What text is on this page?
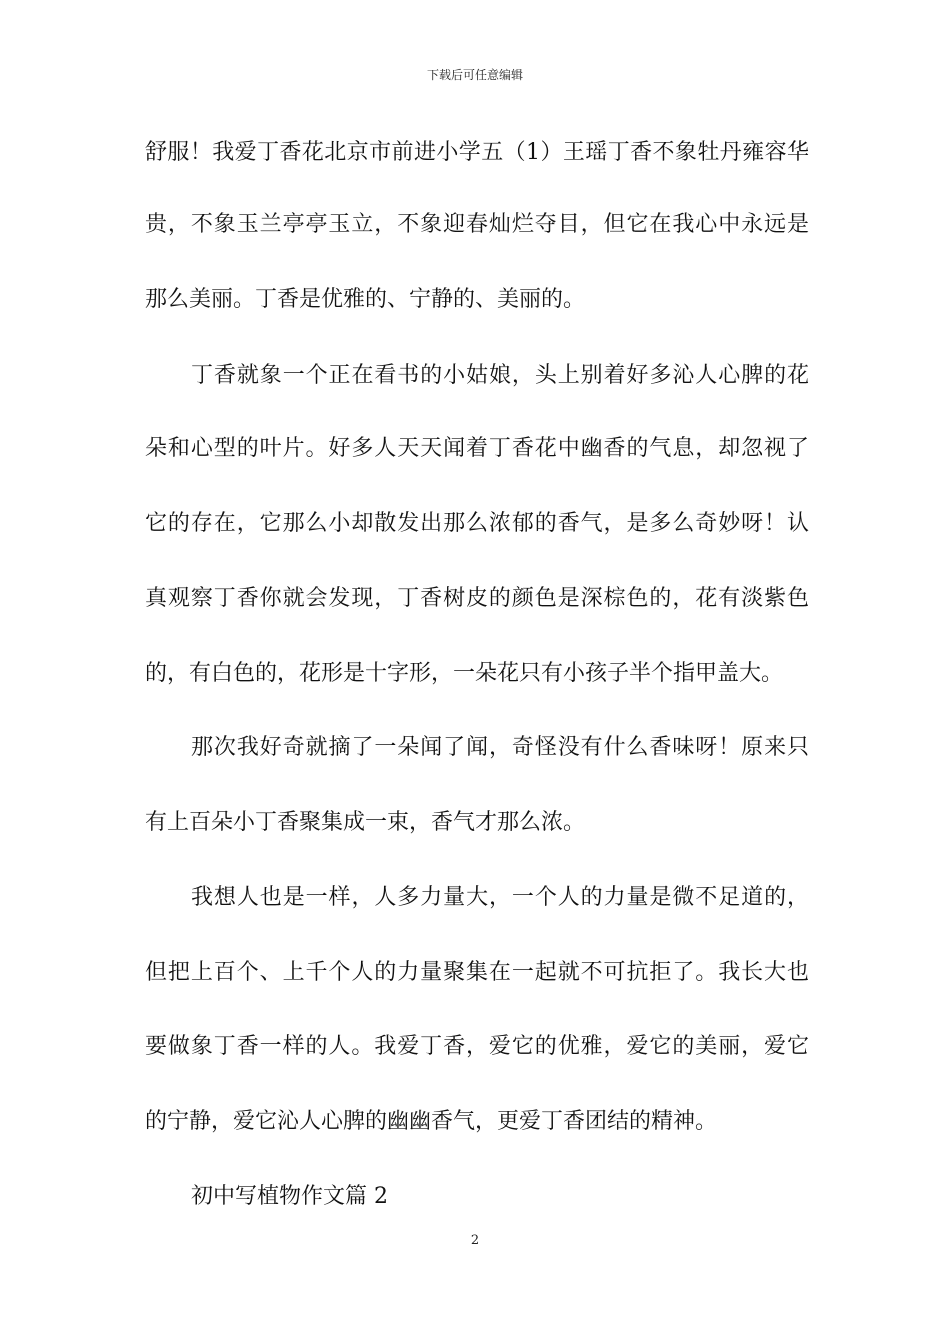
下载后可任意编辑
舒服！我爱丁香花北京市前进小学五（1）王瑶丁香不象牡丹雍容华
贵，不象玉兰亭亭玉立，不象迎春灿烂夺目，但它在我心中永远是
那么美丽。丁香是优雅的、宁静的、美丽的。
丁香就象一个正在看书的小姑娘，头上别着好多沁人心脾的花
朵和心型的叶片。好多人天天闻着丁香花中幽香的气息，却忽视了
它的存在，它那么小却散发出那么浓郁的香气，是多么奇妙呀！认
真观察丁香你就会发现，丁香树皮的颜色是深棕色的，花有淡紫色
的，有白色的，花形是十字形，一朵花只有小孩子半个指甲盖大。
那次我好奇就摘了一朵闻了闻，奇怪没有什么香味呀！原来只
有上百朵小丁香聚集成一束，香气才那么浓。
我想人也是一样，人多力量大，一个人的力量是微不足道的，
但把上百个、上千个人的力量聚集在一起就不可抗拒了。我长大也
要做象丁香一样的人。我爱丁香，爱它的优雅，爱它的美丽，爱它
的宁静，爱它沁人心脾的幽幽香气，更爱丁香团结的精神。
初中写植物作文篇 2
2
